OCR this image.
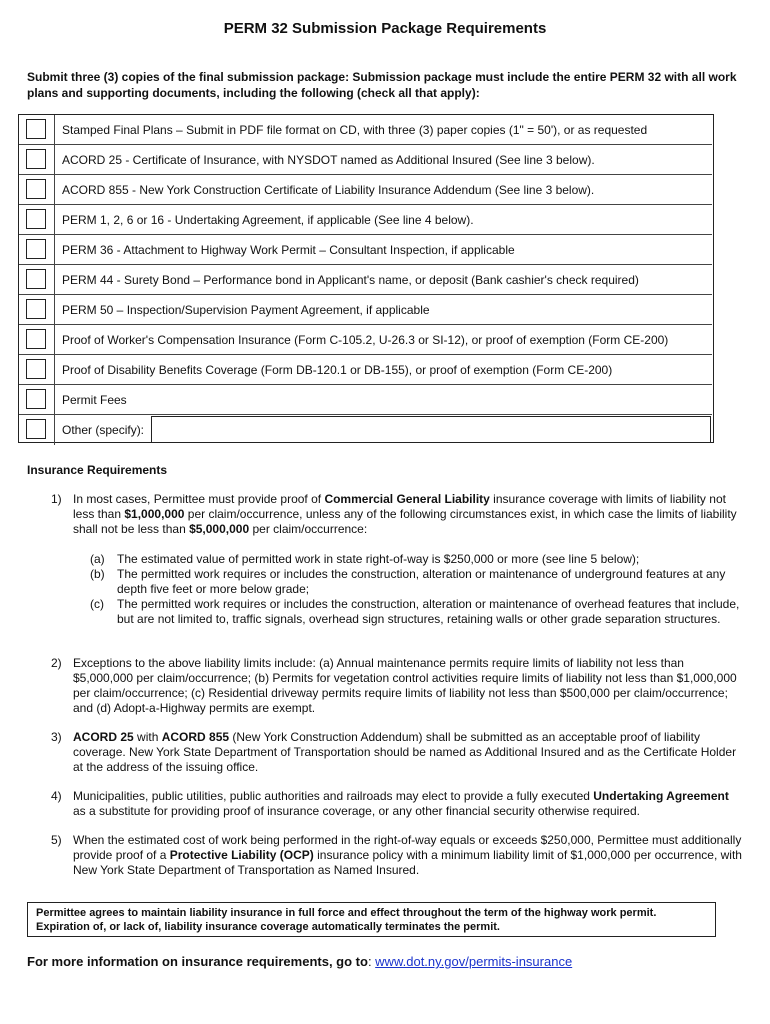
PERM 32 Submission Package Requirements
Submit three (3) copies of the final submission package: Submission package must include the entire PERM 32 with all work plans and supporting documents, including the following (check all that apply):
Stamped Final Plans – Submit in PDF file format on CD, with three (3) paper copies (1" = 50'), or as requested
ACORD 25 - Certificate of Insurance, with NYSDOT named as Additional Insured (See line 3 below).
ACORD 855 - New York Construction Certificate of Liability Insurance Addendum (See line 3 below).
PERM 1, 2, 6 or 16 - Undertaking Agreement, if applicable (See line 4 below).
PERM 36 - Attachment to Highway Work Permit – Consultant Inspection, if applicable
PERM 44 - Surety Bond – Performance bond in Applicant's name, or deposit (Bank cashier's check required)
PERM 50 – Inspection/Supervision Payment Agreement, if applicable
Proof of Worker's Compensation Insurance (Form C-105.2, U-26.3 or SI-12), or proof of exemption (Form CE-200)
Proof of Disability Benefits Coverage (Form DB-120.1 or DB-155), or proof of exemption (Form CE-200)
Permit Fees
Other (specify):
Insurance Requirements
1) In most cases, Permittee must provide proof of Commercial General Liability insurance coverage with limits of liability not less than $1,000,000 per claim/occurrence, unless any of the following circumstances exist, in which case the limits of liability shall not be less than $5,000,000 per claim/occurrence:
(a) The estimated value of permitted work in state right-of-way is $250,000 or more (see line 5 below);
(b) The permitted work requires or includes the construction, alteration or maintenance of underground features at any depth five feet or more below grade;
(c) The permitted work requires or includes the construction, alteration or maintenance of overhead features that include, but are not limited to, traffic signals, overhead sign structures, retaining walls or other grade separation structures.
2) Exceptions to the above liability limits include: (a) Annual maintenance permits require limits of liability not less than $5,000,000 per claim/occurrence; (b) Permits for vegetation control activities require limits of liability not less than $1,000,000 per claim/occurrence; (c) Residential driveway permits require limits of liability not less than $500,000 per claim/occurrence; and (d) Adopt-a-Highway permits are exempt.
3) ACORD 25 with ACORD 855 (New York Construction Addendum) shall be submitted as an acceptable proof of liability coverage. New York State Department of Transportation should be named as Additional Insured and as the Certificate Holder at the address of the issuing office.
4) Municipalities, public utilities, public authorities and railroads may elect to provide a fully executed Undertaking Agreement as a substitute for providing proof of insurance coverage, or any other financial security otherwise required.
5) When the estimated cost of work being performed in the right-of-way equals or exceeds $250,000, Permittee must additionally provide proof of a Protective Liability (OCP) insurance policy with a minimum liability limit of $1,000,000 per occurrence, with New York State Department of Transportation as Named Insured.
Permittee agrees to maintain liability insurance in full force and effect throughout the term of the highway work permit.
Expiration of, or lack of, liability insurance coverage automatically terminates the permit.
For more information on insurance requirements, go to: www.dot.ny.gov/permits-insurance
